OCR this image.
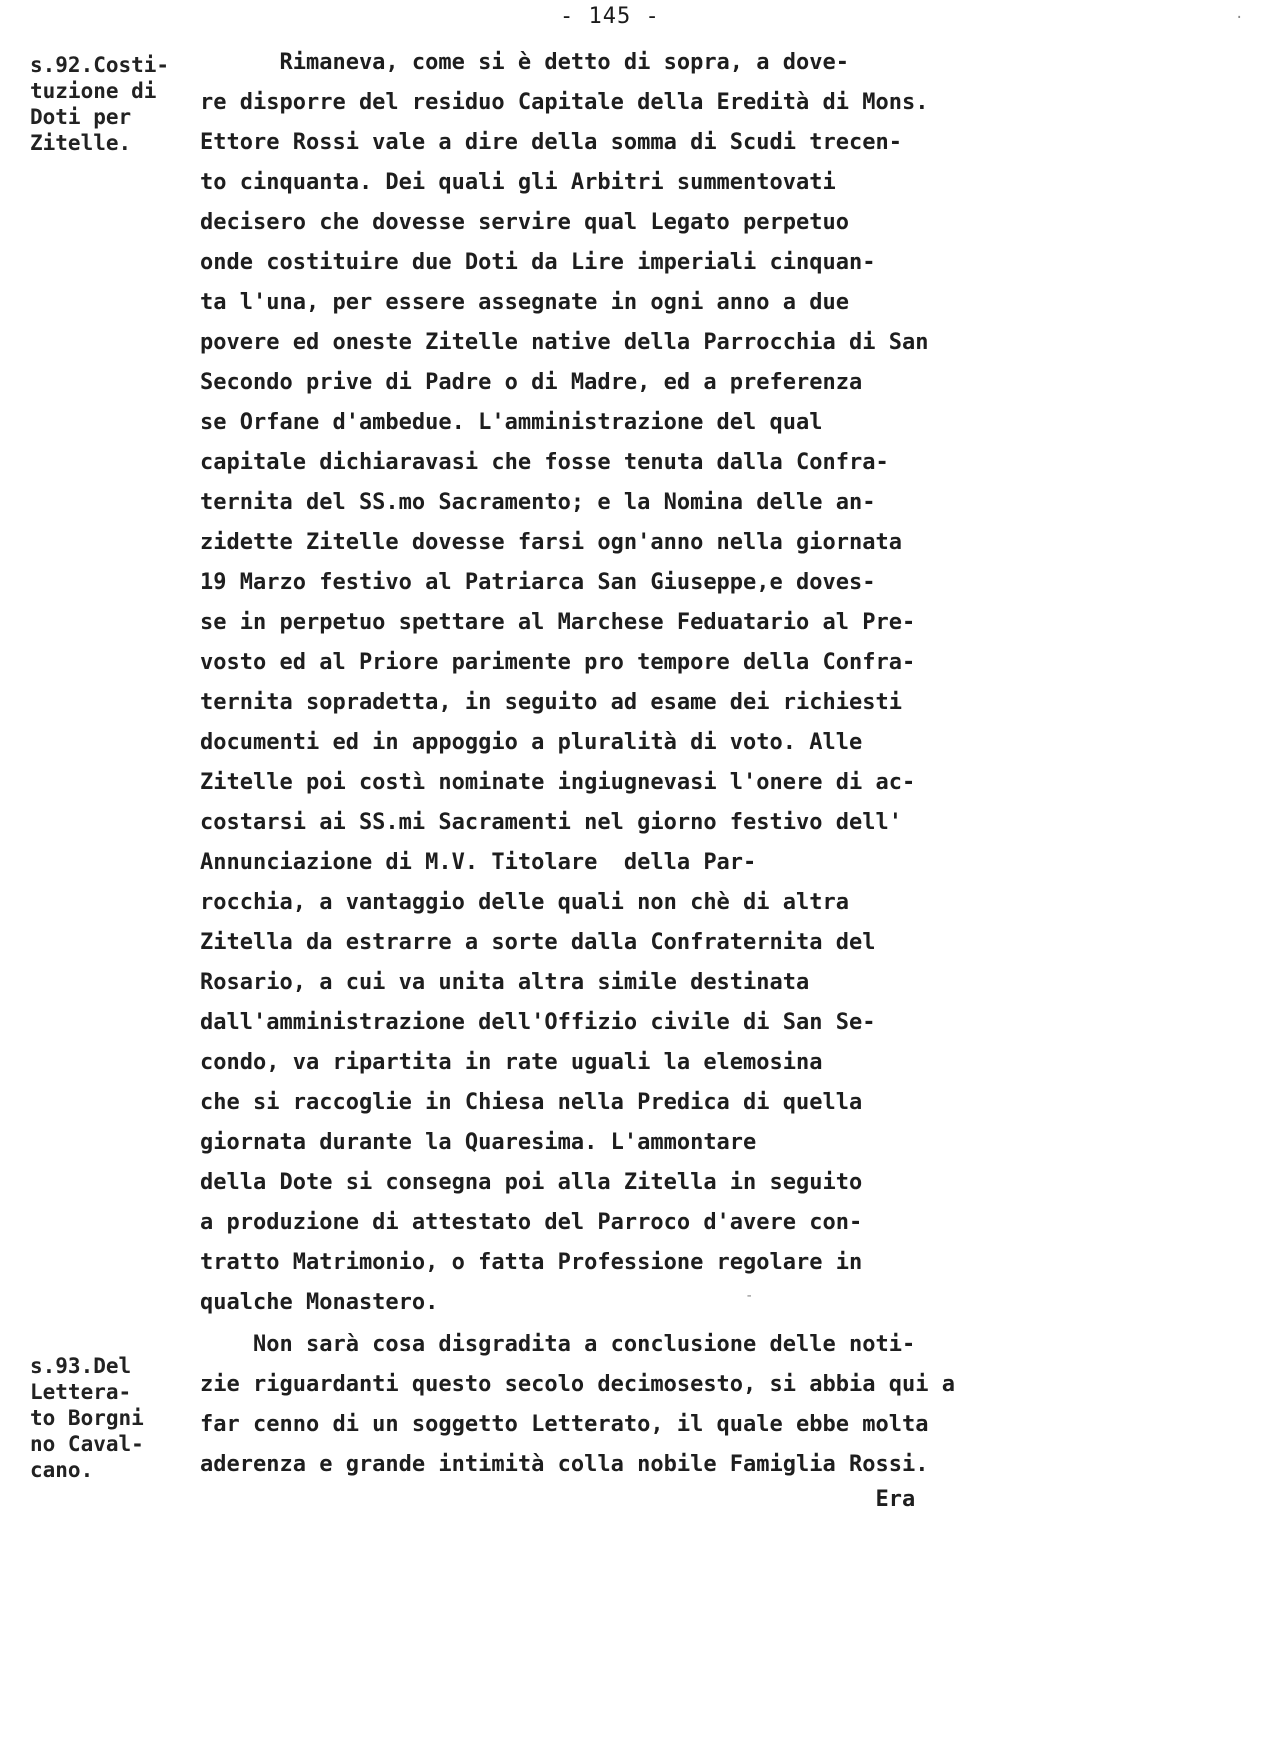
- 145 -
s.92.Costi-
tuzione di
Doti per
Zitelle.
s.93.Del
Lettera-
to Borgni
no Caval-
cano.
Rimaneva, come si è detto di sopra, a dove-
re disporre del residuo Capitale della Eredità di Mons.
Ettore Rossi vale a dire della somma di Scudi trecen-
to cinquanta. Dei quali gli Arbitri summentovati
decisero che dovesse servire qual Legato perpetuo
onde costituire due Doti da Lire imperiali cinquan-
ta l'una, per essere assegnate in ogni anno a due
povere ed oneste Zitelle native della Parrocchia di San
Secondo prive di Padre o di Madre, ed a preferenza
se Orfane d'ambedue. L'amministrazione del qual
capitale dichiaravasi che fosse tenuta dalla Confra-
ternita del SS.mo Sacramento; e la Nomina delle an-
zidette Zitelle dovesse farsi ogn'anno nella giornata
19 Marzo festivo al Patriarca San Giuseppe,e doves-
se in perpetuo spettare al Marchese Feduatario al Pre-
vosto ed al Priore parimente pro tempore della Confra-
ternita sopradetta, in seguito ad esame dei richiesti
documenti ed in appoggio a pluralità di voto. Alle
Zitelle poi costì nominate ingiugnevasi l'onere di ac-
costarsi ai SS.mi Sacramenti nel giorno festivo dell'
Annunciazione di M.V. Titolare  della Par-
rocchia, a vantaggio delle quali non chè di altra
Zitella da estrarre a sorte dalla Confraternita del
Rosario, a cui va unita altra simile destinata
dall'amministrazione dell'Offizio civile di San Se-
condo, va ripartita in rate uguali la elemosina
che si raccoglie in Chiesa nella Predica di quella
giornata durante la Quaresima. L'ammontare
della Dote si consegna poi alla Zitella in seguito
a produzione di attestato del Parroco d'avere con-
tratto Matrimonio, o fatta Professione regolare in
qualche Monastero.
Non sarà cosa disgradita a conclusione delle noti-
zie riguardanti questo secolo decimosesto, si abbia qui a
far cenno di un soggetto Letterato, il quale ebbe molta
aderenza e grande intimità colla nobile Famiglia Rossi.
Era
·
-
